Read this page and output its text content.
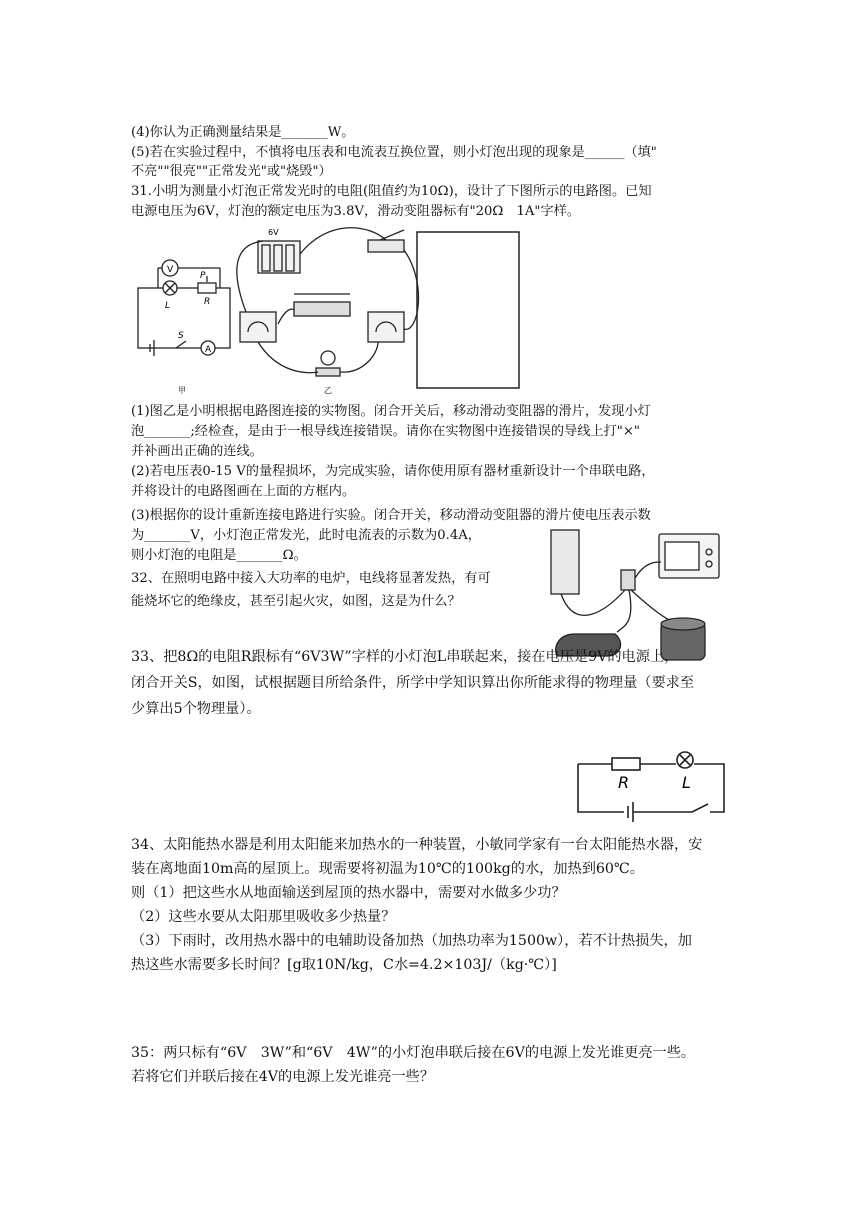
(4)你认为正确测量结果是_______W。
(5)若在实验过程中，不慎将电压表和电流表互换位置，则小灯泡出现的现象是______（填"
不亮""很亮""正常发光"或"烧毁"）
31.小明为测量小灯泡正常发光时的电阻(阻值约为10Ω)，设计了下图所示的电路图。已知
电源电压为6V，灯泡的额定电压为3.8V，滑动变阻器标有"20Ω　1A"字样。
V
L
P
R
S
A
甲	乙
6V
(1)图乙是小明根据电路图连接的实物图。闭合开关后，移动滑动变阻器的滑片，发现小灯
泡_______;经检查，是由于一根导线连接错误。请你在实物图中连接错误的导线上打"×"
并补画出正确的连线。
(2)若电压表0-15 V的量程损坏，为完成实验，请你使用原有器材重新设计一个串联电路，
并将设计的电路图画在上面的方框内。
(3)根据你的设计重新连接电路进行实验。闭合开关，移动滑动变阻器的滑片使电压表示数
为_______V，小灯泡正常发光，此时电流表的示数为0.4A，
则小灯泡的电阻是_______Ω。
32、在照明电路中接入大功率的电炉，电线将显著发热，有可
能烧坏它的绝缘皮，甚至引起火灾，如图，这是为什么？
33、把8Ω的电阻R跟标有“6V3W”字样的小灯泡L串联起来，接在电压是9V的电源上，
闭合开关S，如图，试根据题目所给条件，所学中学知识算出你所能求得的物理量（要求至
少算出5个物理量）。
R	L
34、太阳能热水器是利用太阳能来加热水的一种装置，小敏同学家有一台太阳能热水器，安
装在离地面10m高的屋顶上。现需要将初温为10℃的100kg的水，加热到60℃。
则（1）把这些水从地面输送到屋顶的热水器中，需要对水做多少功？
（2）这些水要从太阳那里吸收多少热量？
（3）下雨时，改用热水器中的电辅助设备加热（加热功率为1500w），若不计热损失，加
热这些水需要多长时间？[g取10N/kg，C水=4.2×103J/（kg·℃）]
35：两只标有“6V　3W”和“6V　4W”的小灯泡串联后接在6V的电源上发光谁更亮一些。
若将它们并联后接在4V的电源上发光谁亮一些？
